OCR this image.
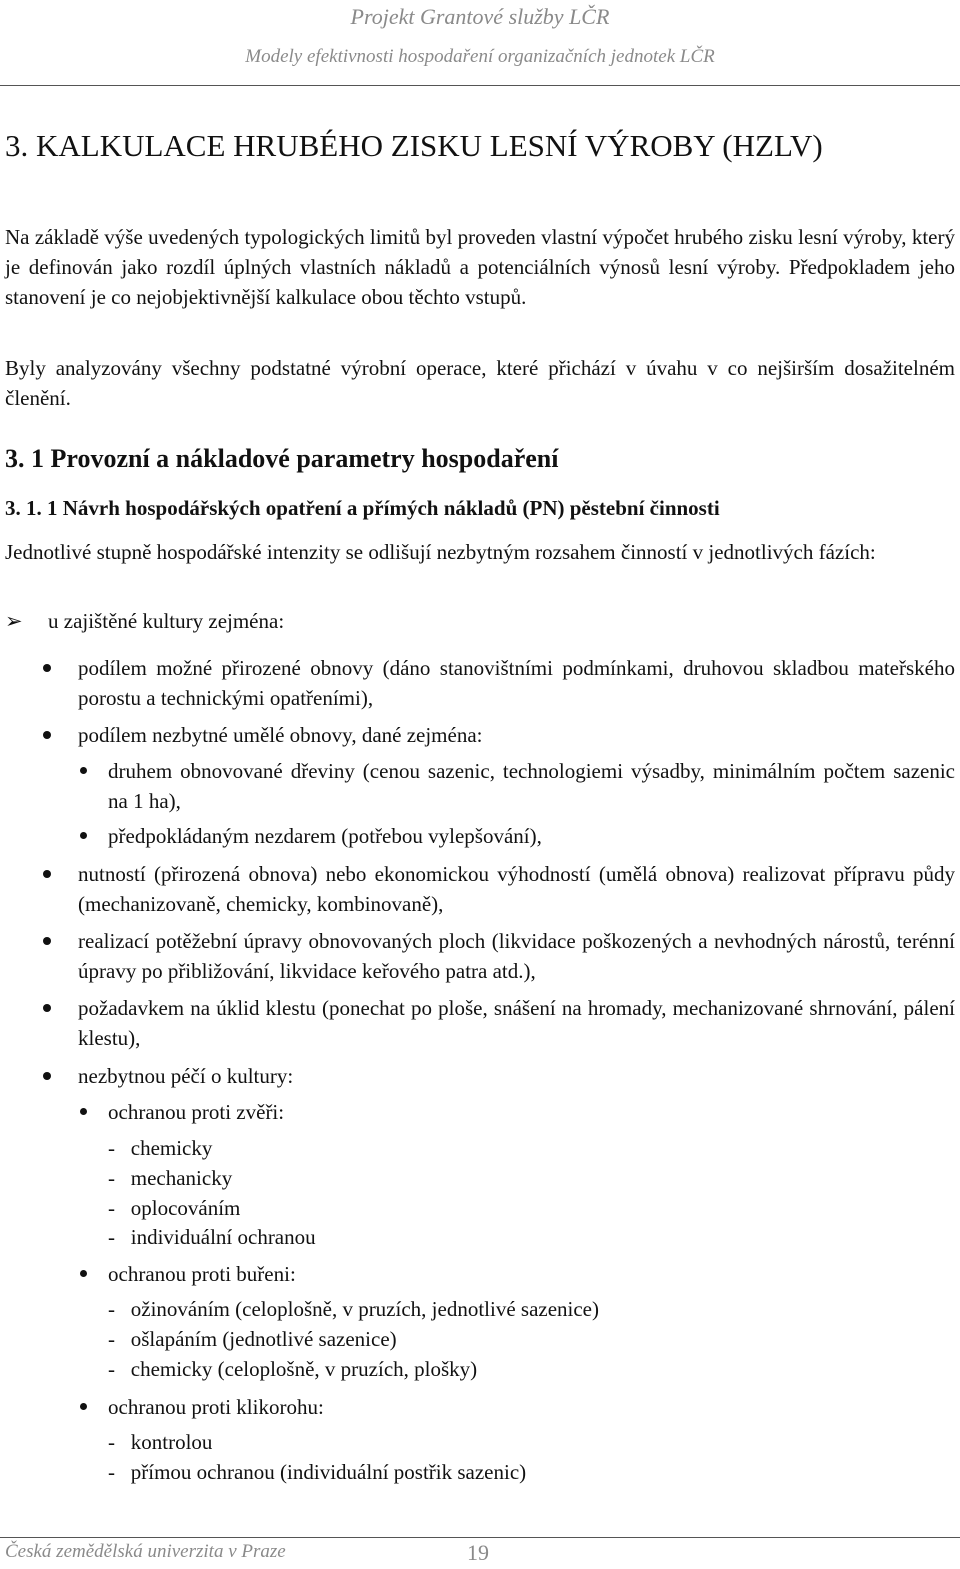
Projekt Grantové služby LČR
Modely efektivnosti hospodaření organizačních jednotek LČR
3. KALKULACE HRUBÉHO ZISKU LESNÍ VÝROBY (HZLV)

Na základě výše uvedených typologických limitů byl proveden vlastní výpočet hrubého zisku lesní výroby, který je definován jako rozdíl úplných vlastních nákladů a potenciálních výnosů lesní výroby. Předpokladem jeho stanovení je co nejobjektivnější kalkulace obou těchto vstupů.

Byly analyzovány všechny podstatné výrobní operace, které přichází v úvahu v co nejširším dosažitelném členění.

3. 1 Provozní a nákladové parametry hospodaření
3. 1. 1 Návrh hospodářských opatření a přímých nákladů (PN) pěstební činnosti

Jednotlivé stupně hospodářské intenzity se odlišují nezbytným rozsahem činností v jednotlivých fázích:

➢ u zajištěné kultury zejména:

podílem možné přirozené obnovy (dáno stanovištními podmínkami, druhovou skladbou mateřského porostu a technickými opatřeními),

podílem nezbytné umělé obnovy, dané zejména:

druhem obnovované dřeviny (cenou sazenic, technologiemi výsadby, minimálním počtem sazenic na 1 ha),

předpokládaným nezdarem (potřebou vylepšování),

nutností (přirozená obnova) nebo ekonomickou výhodností (umělá obnova) realizovat přípravu půdy (mechanizovaně, chemicky, kombinovaně),

realizací potěžební úpravy obnovovaných ploch (likvidace poškozených a nevhodných nárostů, terénní úpravy po přibližování, likvidace keřového patra atd.),

požadavkem na úklid klestu (ponechat po ploše, snášení na hromady, mechanizované shrnování, pálení klestu),

nezbytnou péčí o kultury:

ochranou proti zvěři:

-   chemicky
-   mechanicky
-   oplocováním
-   individuální ochranou

ochranou proti buřeni:

-   ožinováním (celoplošně, v pruzích, jednotlivé sazenice)
-   ošlapáním (jednotlivé sazenice)
-   chemicky (celoplošně, v pruzích, plošky)

ochranou proti klikorohu:

-   kontrolou
-   přímou ochranou (individuální postřik sazenic)
Česká zemědělská univerzita v Praze	19
